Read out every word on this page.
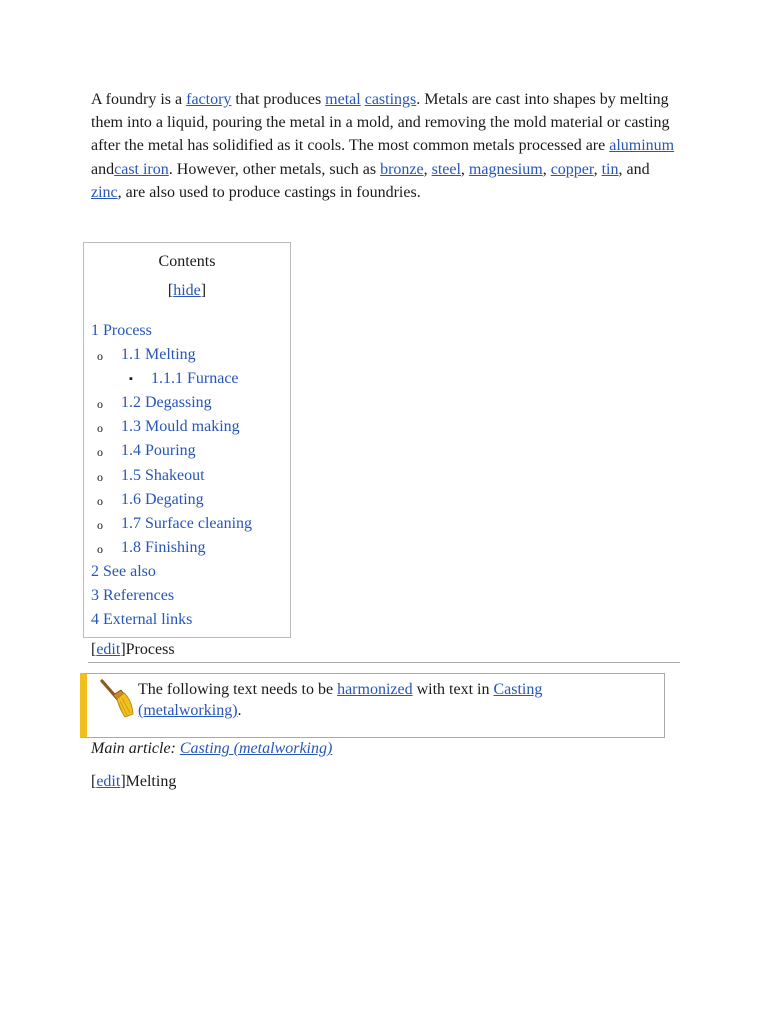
A foundry is a factory that produces metal castings. Metals are cast into shapes by melting them into a liquid, pouring the metal in a mold, and removing the mold material or casting after the metal has solidified as it cools. The most common metals processed are aluminum andcast iron. However, other metals, such as bronze, steel, magnesium, copper, tin, and zinc, are also used to produce castings in foundries.

Contents
[hide]
1 Process
o 1.1 Melting
▪ 1.1.1 Furnace
o 1.2 Degassing
o 1.3 Mould making
o 1.4 Pouring
o 1.5 Shakeout
o 1.6 Degating
o 1.7 Surface cleaning
o 1.8 Finishing
2 See also
3 References
4 External links
[edit]Process

The following text needs to be harmonized with text in Casting (metalworking).

Main article: Casting (metalworking)
[edit]Melting
